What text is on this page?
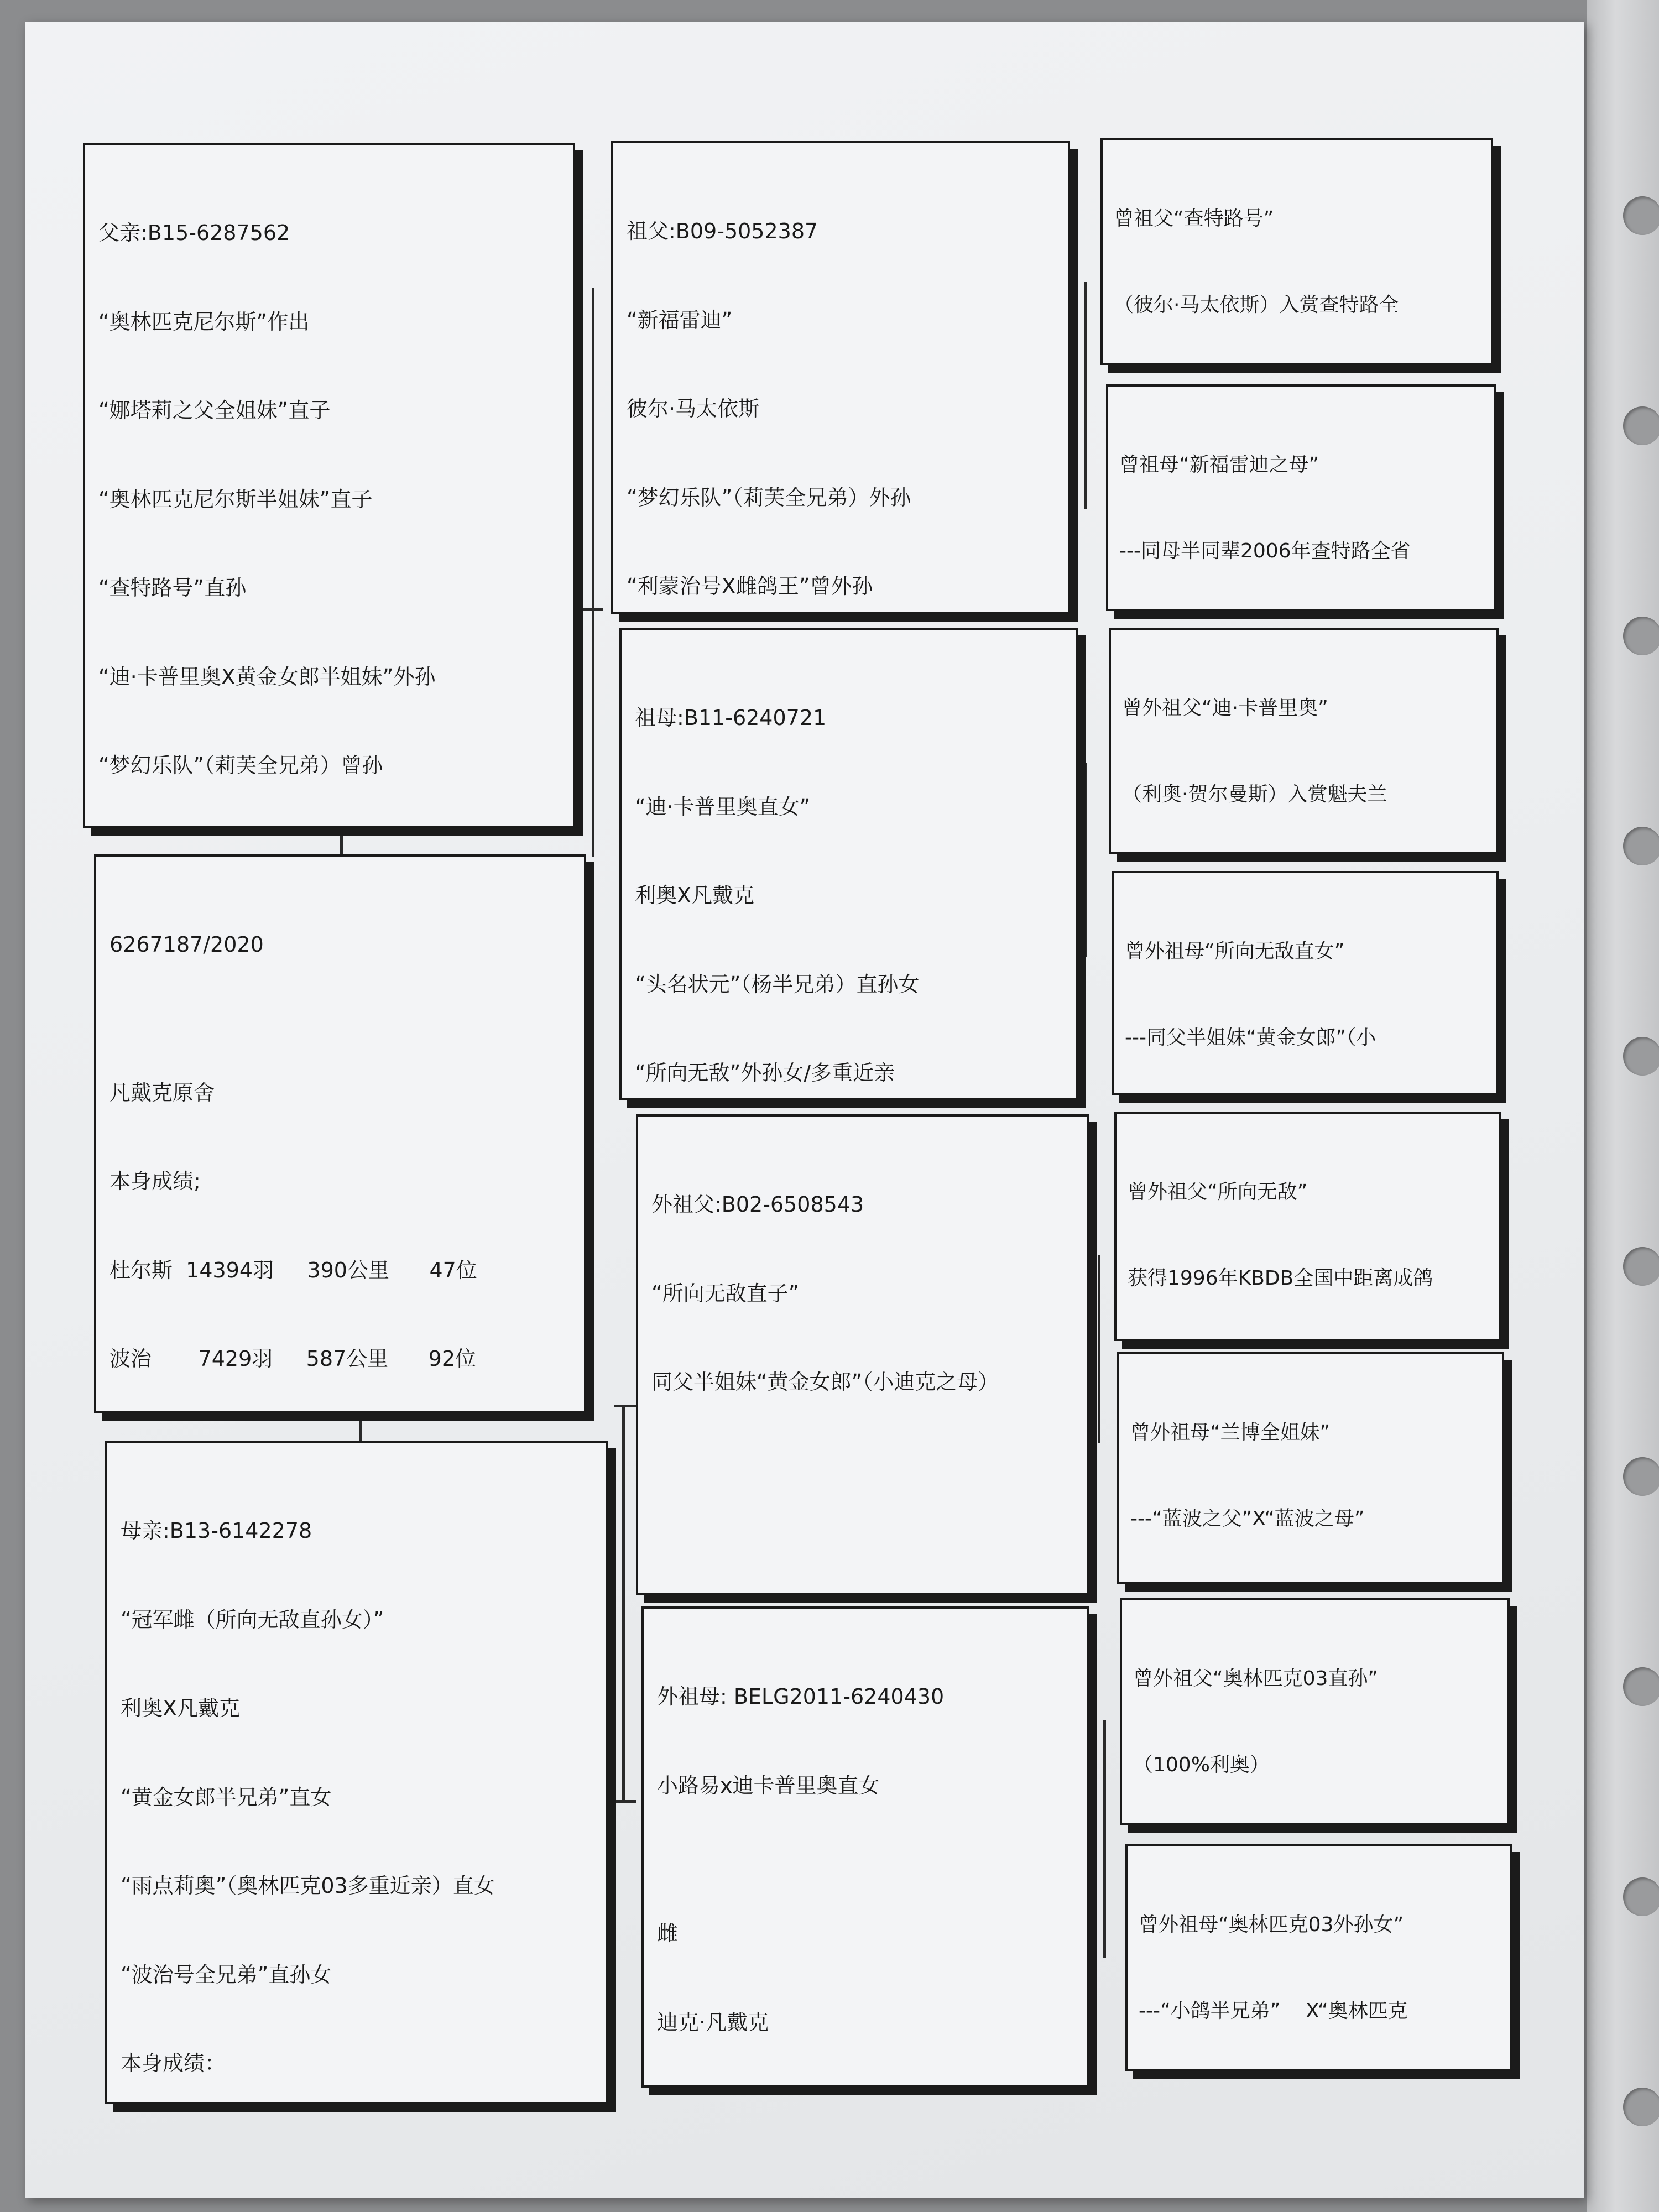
父亲:B15-6287562

“奥林匹克尼尔斯”作出

“娜塔莉之父全姐妹”直子

“奥林匹克尼尔斯半姐妹”直子

“查特路号”直孙

“迪·卡普里奥X黄金女郎半姐妹”外孙

“梦幻乐队”（莉芙全兄弟）曾孙

6267187/2020

凡戴克原舍

本身成绩;

杜尔斯  14394羽     390公里      47位

波治       7429羽     587公里      92位

母亲:B13-6142278

“冠军雌（所向无敌直孙女）”

利奥X凡戴克

“黄金女郎半兄弟”直女

“雨点莉奥”（奥林匹克03多重近亲）直女

“波治号全兄弟”直孙女

本身成绩：

祖父:B09-5052387

“新福雷迪”

彼尔·马太依斯

“梦幻乐队”（莉芙全兄弟）外孙

“利蒙治号X雌鸽王”曾外孙

祖母:B11-6240721

“迪·卡普里奥直女”

利奥X凡戴克

“头名状元”（杨半兄弟）直孙女

“所向无敌”外孙女/多重近亲

外祖父:B02-6508543

“所向无敌直子”

同父半姐妹“黄金女郎”（小迪克之母）

外祖母: BELG2011-6240430

小路易x迪卡普里奥直女

雌

迪克·凡戴克

曾祖父“查特路号”

（彼尔·马太依斯）入赏查特路全

曾祖母“新福雷迪之母”

---同母半同辈2006年查特路全省

曾外祖父“迪·卡普里奥”

（利奥·贺尔曼斯）入赏魁夫兰

曾外祖母“所向无敌直女”

---同父半姐妹“黄金女郎”（小

曾外祖父“所向无敌”

获得1996年KBDB全国中距离成鸽

曾外祖母“兰博全姐妹”

---“蓝波之父”X“蓝波之母”

曾外祖父“奥林匹克03直孙”

（100%利奥）

曾外祖母“奥林匹克03外孙女”

---“小鸽半兄弟”    X“奥林匹克
